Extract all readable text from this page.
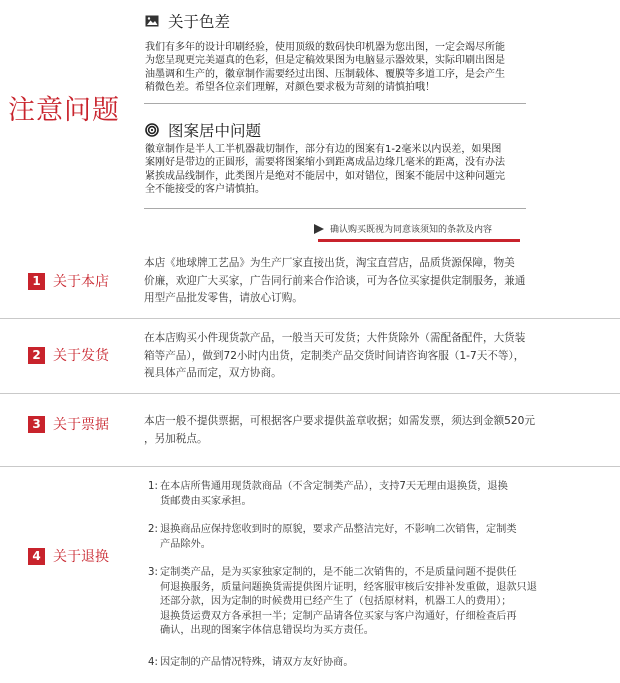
注意问题
关于色差

我们有多年的设计印刷经验，使用顶级的数码快印机器为您出图，一定会竭尽所能

为您呈现更完美逼真的色彩，但是定稿效果图为电脑显示器效果，实际印刷出图是

油墨调和生产的，徽章制作需要经过出图、压制载体、覆膜等多道工序，是会产生

稍微色差。希望各位亲们理解，对颜色要求极为苛刻的请慎拍哦！

图案居中问题

徽章制作是半人工半机器裁切制作，部分有边的图案有1-2毫米以内误差，如果图

案刚好是带边的正圆形，需要将图案缩小到距离成品边缘几毫米的距离，没有办法

紧挨成品线制作，此类图片是绝对不能居中，如对错位，图案不能居中这种问题完

全不能接受的客户请慎拍。

确认购买既视为同意该须知的条款及内容
1 关于本店

本店《地球牌工艺品》为生产厂家直接出货，淘宝直营店，品质货源保障，物美

价廉，欢迎广大买家，广告同行前来合作洽谈，可为各位买家提供定制服务，兼通

用型产品批发零售，请放心订购。

2 关于发货

在本店购买小件现货款产品，一般当天可发货；大件货除外（需配备配件，大货装

箱等产品），做到72小时内出货，定制类产品交货时间请咨询客服（1-7天不等），

视具体产品而定，双方协商。

3 关于票据	本店一般不提供票据，可根据客户要求提供盖章收据；如需发票，须达到金额520元

，另加税点。

4 关于退换

1: 在本店所售通用现货款商品（不含定制类产品），支持7天无理由退换货，退换

货邮费由买家承担。

2: 退换商品应保持您收到时的原貌，要求产品整洁完好，不影响二次销售，定制类

产品除外。

3: 定制类产品，是为买家独家定制的，是不能二次销售的，不是质量问题不提供任

何退换服务，质量问题换货需提供图片证明，经客服审核后安排补发重做，退款只退

还部分款，因为定制的时候费用已经产生了（包括原材料，机器工人的费用）；

退换货运费双方各承担一半；定制产品请各位买家与客户沟通好，仔细检查后再

确认，出现的图案字体信息错误均为买方责任。

4: 因定制的产品情况特殊，请双方友好协商。
